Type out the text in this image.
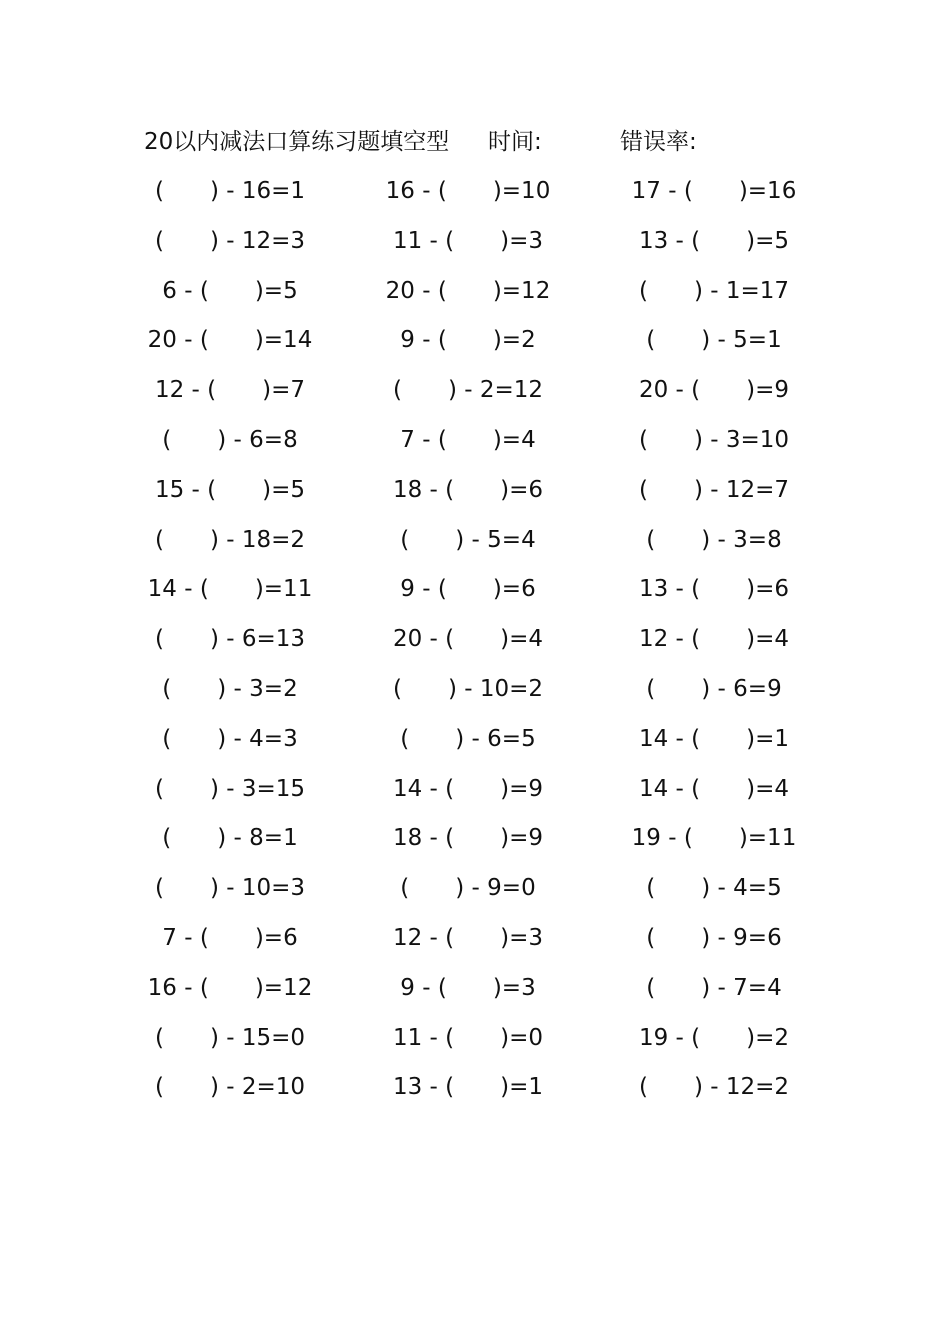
20以内减法口算练习题填空型 时间:	错误率:
(　　) - 16=1	16 - (　　)=10	17 - (　　)=16
(　　) - 12=3	11 - (　　)=3	13 - (　　)=5
6 - (　　)=5	20 - (　　)=12	(　　) - 1=17
20 - (　　)=14	9 - (　　)=2	(　　) - 5=1
12 - (　　)=7	(　　) - 2=12	20 - (　　)=9
(　　) - 6=8	7 - (　　)=4	(　　) - 3=10
15 - (　　)=5	18 - (　　)=6	(　　) - 12=7
(　　) - 18=2	(　　) - 5=4	(　　) - 3=8
14 - (　　)=11	9 - (　　)=6	13 - (　　)=6
(　　) - 6=13	20 - (　　)=4	12 - (　　)=4
(　　) - 3=2	(　　) - 10=2	(　　) - 6=9
(　　) - 4=3	(　　) - 6=5	14 - (　　)=1
(　　) - 3=15	14 - (　　)=9	14 - (　　)=4
(　　) - 8=1	18 - (　　)=9	19 - (　　)=11
(　　) - 10=3	(　　) - 9=0	(　　) - 4=5
7 - (　　)=6	12 - (　　)=3	(　　) - 9=6
16 - (　　)=12	9 - (　　)=3	(　　) - 7=4
(　　) - 15=0	11 - (　　)=0	19 - (　　)=2
(　　) - 2=10	13 - (　　)=1	(　　) - 12=2
